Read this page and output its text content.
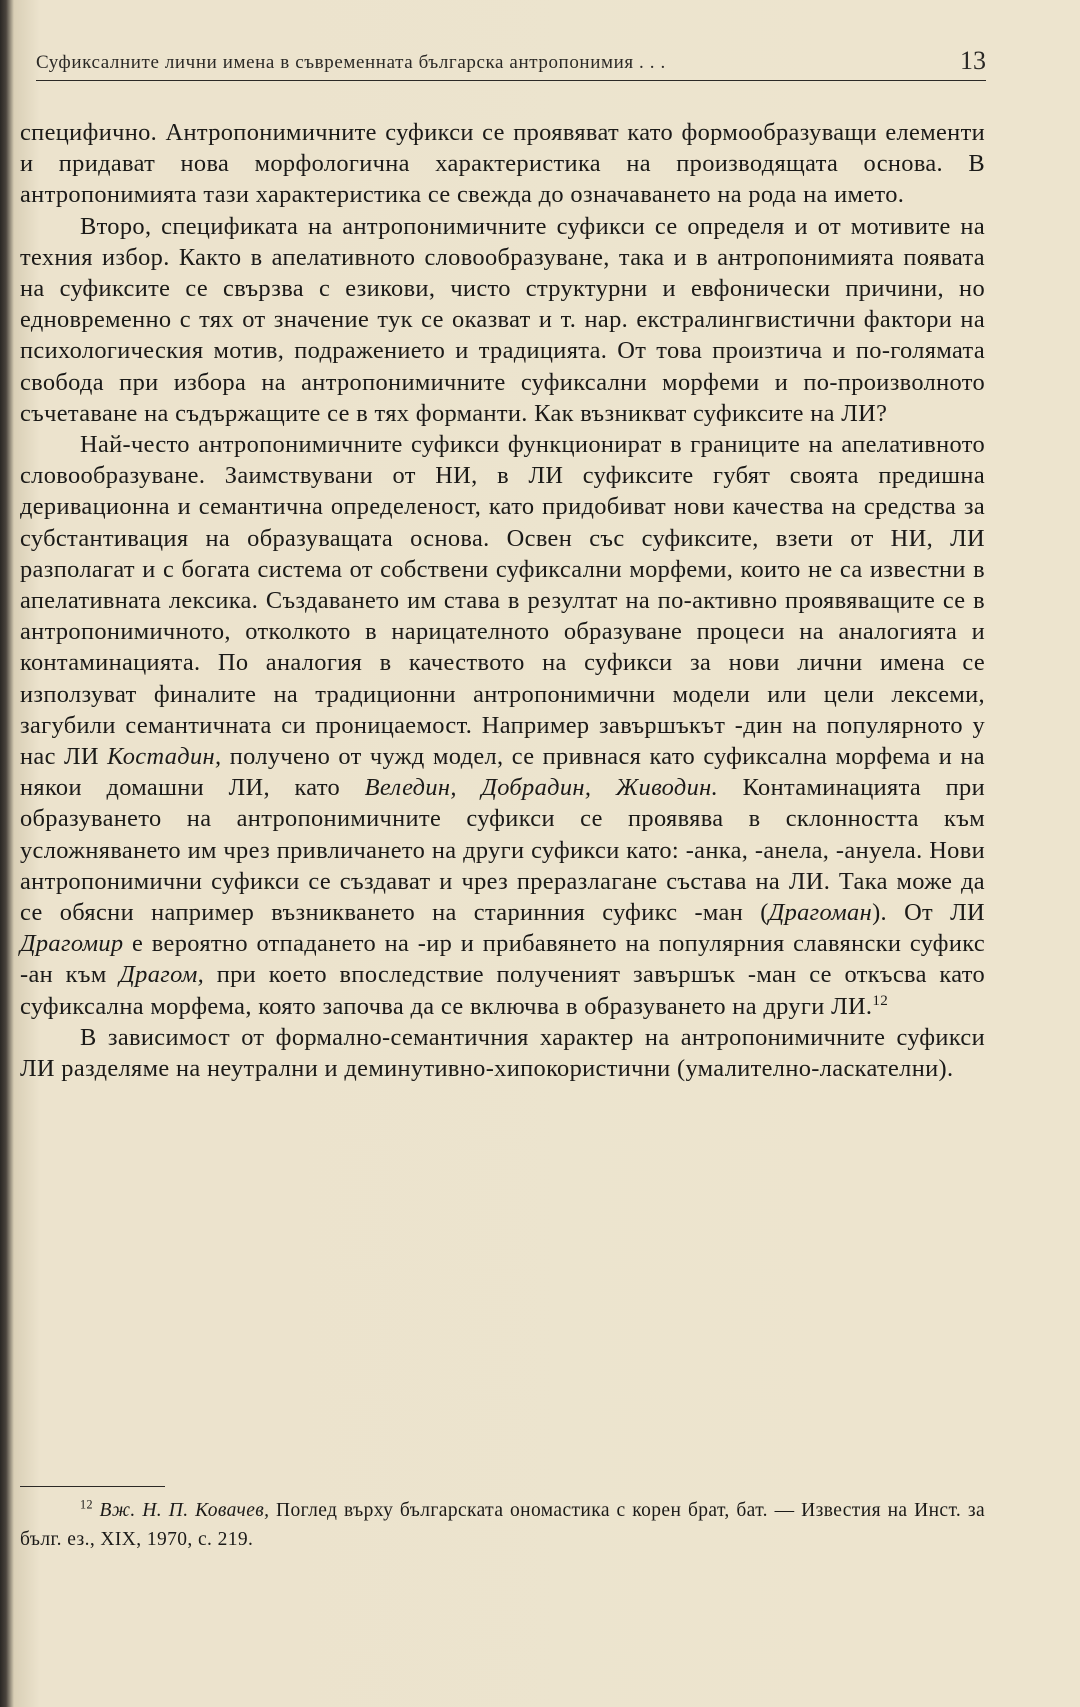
Суфиксалните лични имена в съвременната българска антропонимия . . .	13

специфично. Антропонимичните суфикси се проявяват като формообразуващи елементи и придават нова морфологична характеристика на производящата основа. В антропонимията тази характеристика се свежда до означаването на рода на името.

Второ, спецификата на антропонимичните суфикси се определя и от мотивите на техния избор. Както в апелативното словообразуване, така и в антропонимията появата на суфиксите се свързва с езикови, чисто структурни и евфонически причини, но едновременно с тях от значение тук се оказват и т. нар. екстралингвистични фактори на психологическия мотив, подражението и традицията. От това произтича и по-голямата свобода при избора на антропонимичните суфиксални морфеми и по-произволното съчетаване на съдържащите се в тях форманти. Как възникват суфиксите на ЛИ?

Най-често антропонимичните суфикси функционират в границите на апелативното словообразуване. Заимствувани от НИ, в ЛИ суфиксите губят своята предишна деривационна и семантична определеност, като придобиват нови качества на средства за субстантивация на образуващата основа. Освен със суфиксите, взети от НИ, ЛИ разполагат и с богата система от собствени суфиксални морфеми, които не са известни в апелативната лексика. Създаването им става в резултат на по-активно проявяващите се в антропонимичното, отколкото в нарицателното образуване процеси на аналогията и контаминацията. По аналогия в качеството на суфикси за нови лични имена се използуват финалите на традиционни антропонимични модели или цели лексеми, загубили семантичната си проницаемост. Например завършъкът -дин на популярното у нас ЛИ Костадин, получено от чужд модел, се привнася като суфиксална морфема и на някои домашни ЛИ, като Веледин, Добрадин, Живодин. Контаминацията при образуването на антропонимичните суфикси се проявява в склонността към усложняването им чрез привличането на други суфикси като: -анка, -анела, -ануела. Нови антропонимични суфикси се създават и чрез преразлагане състава на ЛИ. Така може да се обясни например възникването на старинния суфикс -ман (Драгоман). От ЛИ Драгомир е вероятно отпадането на -ир и прибавянето на популярния славянски суфикс -ан към Драгом, при което впоследствие полученият завършък -ман се откъсва като суфиксална морфема, която започва да се включва в образуването на други ЛИ.$^{12}$

В зависимост от формално-семантичния характер на антропонимичните суфикси ЛИ разделяме на неутрални и деминутивно-хипокористични (умалително-ласкателни).

$^{12}$ Вж. Н. П. Ковачев, Поглед върху българската ономастика с корен брат, бат. — Известия на Инст. за бълг. ез., XIX, 1970, с. 219.
